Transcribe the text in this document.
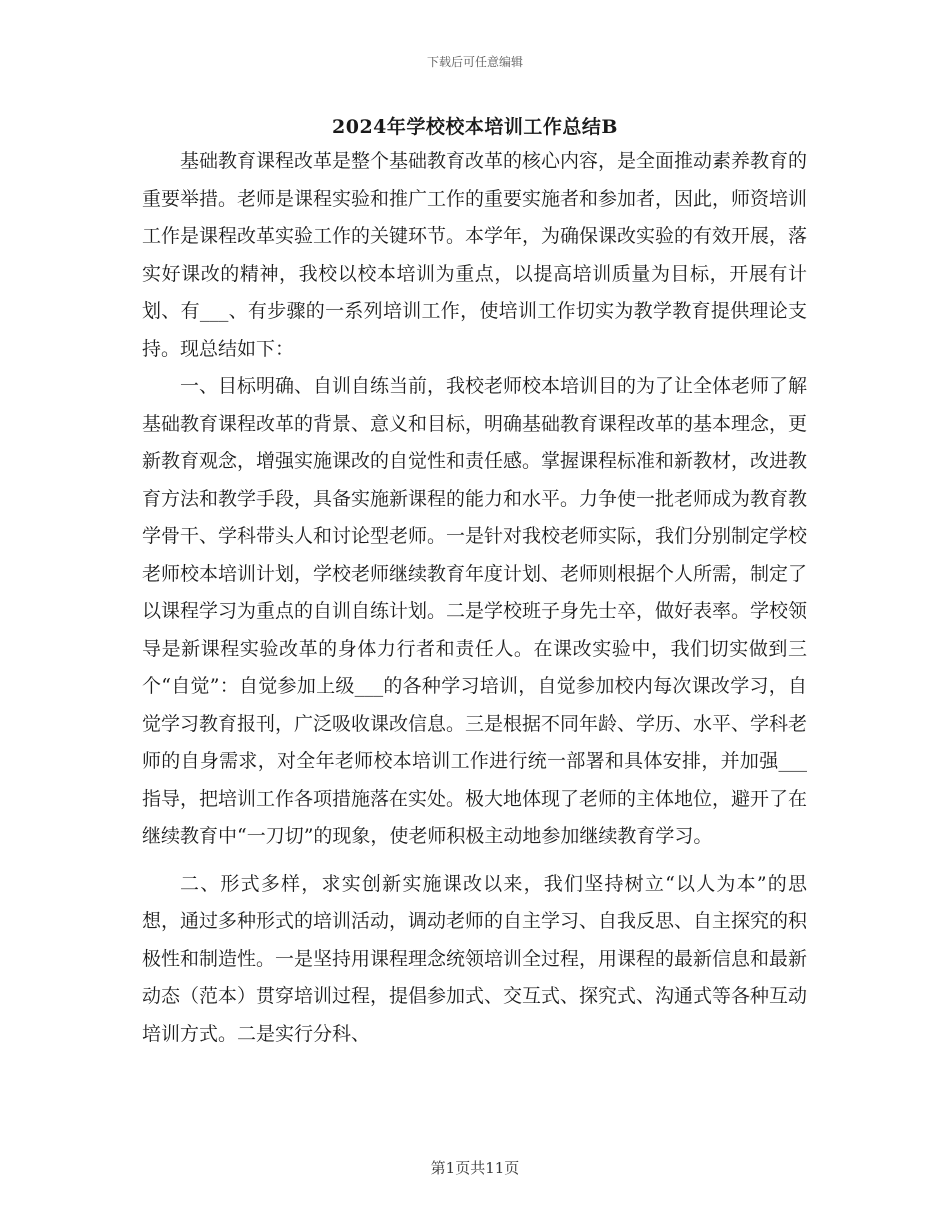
下载后可任意编辑
2024年学校校本培训工作总结B

基础教育课程改革是整个基础教育改革的核心内容，是全面推动素养教育的重要举措。老师是课程实验和推广工作的重要实施者和参加者，因此，师资培训工作是课程改革实验工作的关键环节。本学年，为确保课改实验的有效开展，落实好课改的精神，我校以校本培训为重点，以提高培训质量为目标，开展有计划、有___、有步骤的一系列培训工作，使培训工作切实为教学教育提供理论支持。现总结如下：

一、目标明确、自训自练当前，我校老师校本培训目的为了让全体老师了解基础教育课程改革的背景、意义和目标，明确基础教育课程改革的基本理念，更新教育观念，增强实施课改的自觉性和责任感。掌握课程标准和新教材，改进教育方法和教学手段，具备实施新课程的能力和水平。力争使一批老师成为教育教学骨干、学科带头人和讨论型老师。一是针对我校老师实际，我们分别制定学校老师校本培训计划，学校老师继续教育年度计划、老师则根据个人所需，制定了以课程学习为重点的自训自练计划。二是学校班子身先士卒，做好表率。学校领导是新课程实验改革的身体力行者和责任人。在课改实验中，我们切实做到三个“自觉”：自觉参加上级___的各种学习培训，自觉参加校内每次课改学习，自觉学习教育报刊，广泛吸收课改信息。三是根据不同年龄、学历、水平、学科老师的自身需求，对全年老师校本培训工作进行统一部署和具体安排，并加强___指导，把培训工作各项措施落在实处。极大地体现了老师的主体地位，避开了在继续教育中“一刀切”的现象，使老师积极主动地参加继续教育学习。

二、形式多样，求实创新实施课改以来，我们坚持树立“以人为本”的思想，通过多种形式的培训活动，调动老师的自主学习、自我反思、自主探究的积极性和制造性。一是坚持用课程理念统领培训全过程，用课程的最新信息和最新动态（范本）贯穿培训过程，提倡参加式、交互式、探究式、沟通式等各种互动培训方式。二是实行分科、

第1页共11页
